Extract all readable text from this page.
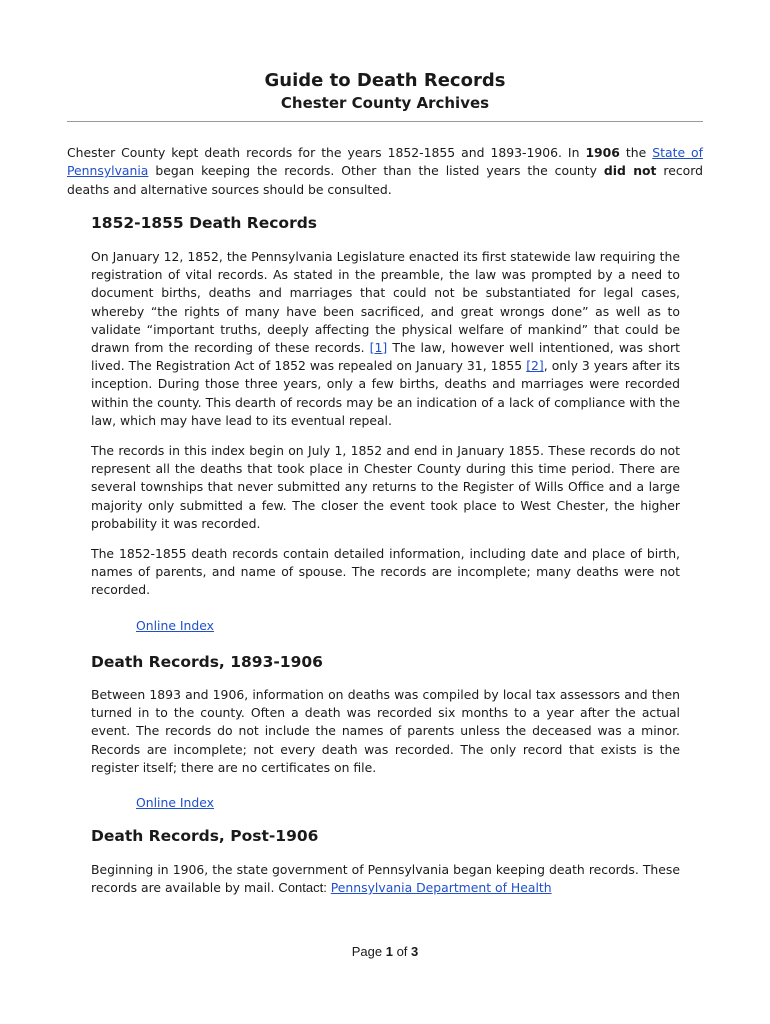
Guide to Death Records
Chester County Archives

Chester County kept death records for the years 1852-1855 and 1893-1906. In 1906 the State of Pennsylvania began keeping the records. Other than the listed years the county did not record deaths and alternative sources should be consulted.

1852-1855 Death Records

On January 12, 1852, the Pennsylvania Legislature enacted its first statewide law requiring the registration of vital records. As stated in the preamble, the law was prompted by a need to document births, deaths and marriages that could not be substantiated for legal cases, whereby “the rights of many have been sacrificed, and great wrongs done” as well as to validate “important truths, deeply affecting the physical welfare of mankind” that could be drawn from the recording of these records. [1] The law, however well intentioned, was short lived. The Registration Act of 1852 was repealed on January 31, 1855 [2], only 3 years after its inception. During those three years, only a few births, deaths and marriages were recorded within the county. This dearth of records may be an indication of a lack of compliance with the law, which may have lead to its eventual repeal.

The records in this index begin on July 1, 1852 and end in January 1855. These records do not represent all the deaths that took place in Chester County during this time period. There are several townships that never submitted any returns to the Register of Wills Office and a large majority only submitted a few. The closer the event took place to West Chester, the higher probability it was recorded.

The 1852-1855 death records contain detailed information, including date and place of birth, names of parents, and name of spouse. The records are incomplete; many deaths were not recorded.

Online Index
Death Records, 1893-1906

Between 1893 and 1906, information on deaths was compiled by local tax assessors and then turned in to the county. Often a death was recorded six months to a year after the actual event. The records do not include the names of parents unless the deceased was a minor. Records are incomplete; not every death was recorded. The only record that exists is the register itself; there are no certificates on file.

Online Index
Death Records, Post-1906

Beginning in 1906, the state government of Pennsylvania began keeping death records. These records are available by mail. Contact: Pennsylvania Department of Health

Page 1 of 3
